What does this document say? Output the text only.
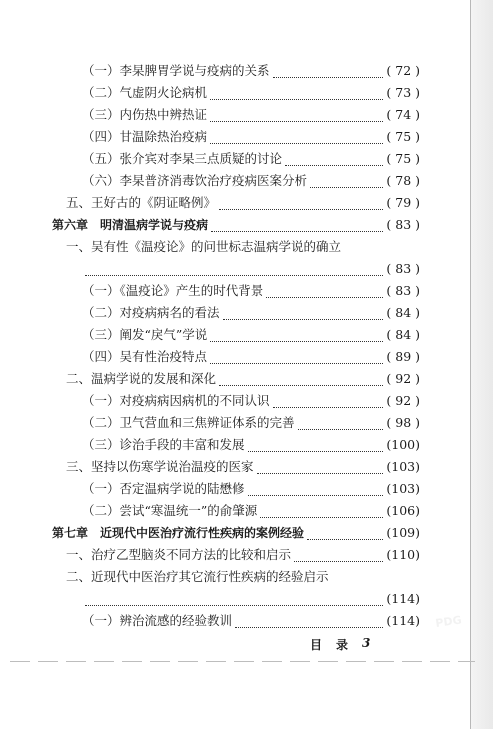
（一）李杲脾胃学说与疫病的关系	( 72 )
（二）气虚阴火论病机	( 73 )
（三）内伤热中辨热证	( 74 )
（四）甘温除热治疫病	( 75 )
（五）张介宾对李杲三点质疑的讨论	( 75 )
（六）李杲普济消毒饮治疗疫病医案分析	( 78 )
五、王好古的《阴证略例》	( 79 )
第六章　明清温病学说与疫病	( 83 )
一、吴有性《温疫论》的问世标志温病学说的确立
( 83 )
（一）《温疫论》产生的时代背景	( 83 )
（二）对疫病病名的看法	( 84 )
（三）阐发“戾气”学说	( 84 )
（四）吴有性治疫特点	( 89 )
二、温病学说的发展和深化	( 92 )
（一）对疫病病因病机的不同认识	( 92 )
（二）卫气营血和三焦辨证体系的完善	( 98 )
（三）诊治手段的丰富和发展	(100)
三、坚持以伤寒学说治温疫的医家	(103)
（一）否定温病学说的陆懋修	(103)
（二）尝试“寒温统一”的俞肇源	(106)
第七章　近现代中医治疗流行性疾病的案例经验	(109)
一、治疗乙型脑炎不同方法的比较和启示	(110)
二、近现代中医治疗其它流行性疾病的经验启示
(114)
（一）辨治流感的经验教训	(114)
目 录 3
PDG
